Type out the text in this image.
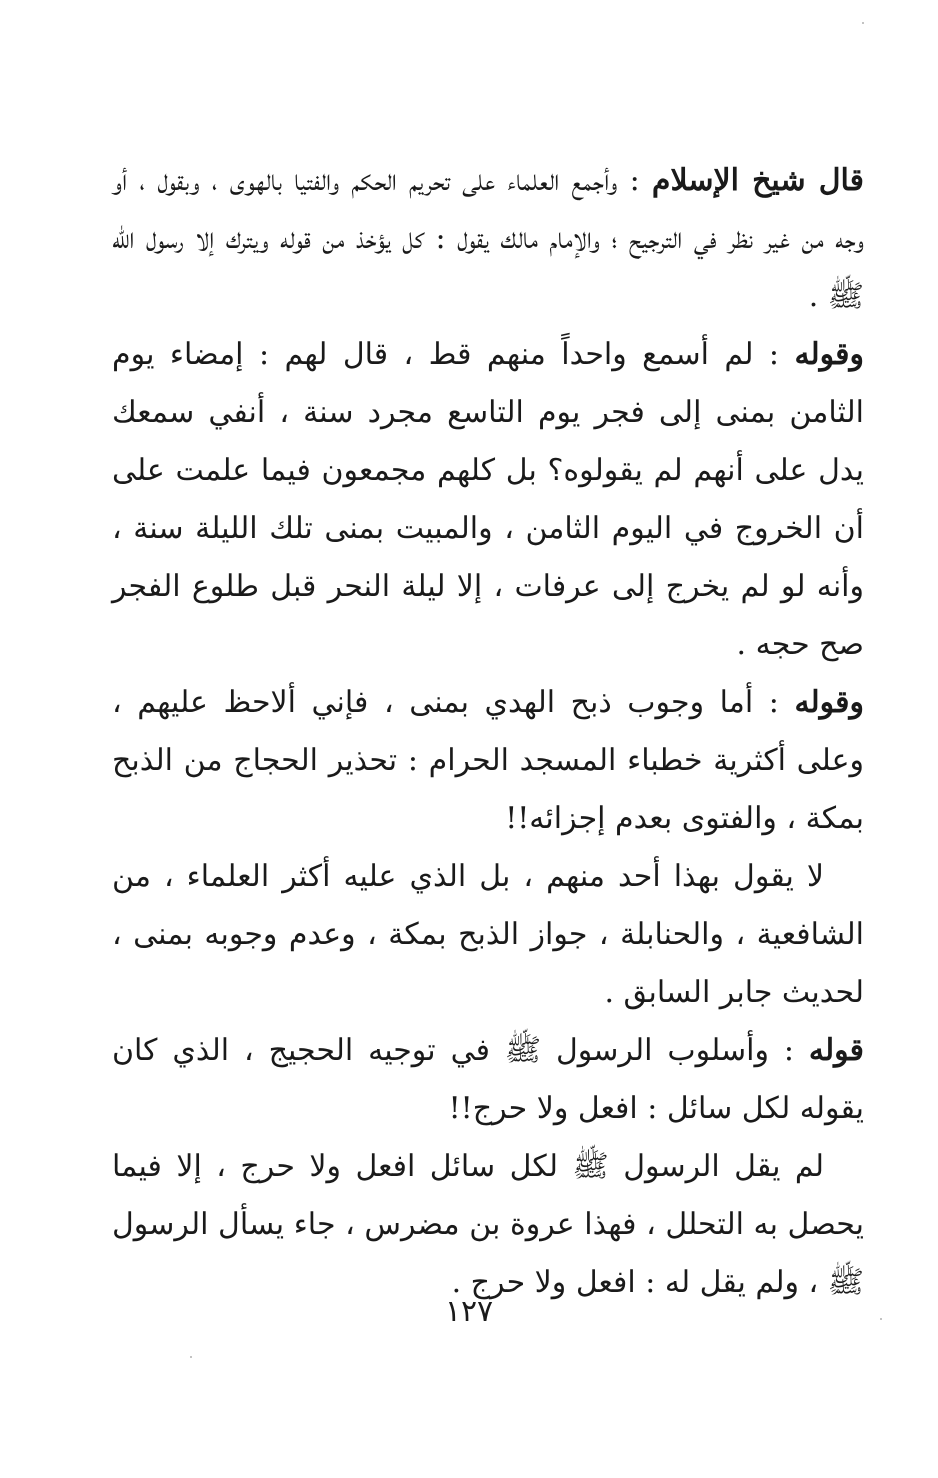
قال شيخ الإسلام : وأجمع العلماء على تحريم الحكم والفتيا بالهوى ، وبقول ، أو وجه من غير نظر في الترجيح ؛ والإمام مالك يقول : كل يؤخذ من قوله ويترك إلا رسول الله ﷺ .

وقوله : لم أسمع واحداً منهم قط ، قال لهم : إمضاء يوم الثامن بمنى إلى فجر يوم التاسع مجرد سنة ، أنفي سمعك يدل على أنهم لم يقولوه؟ بل كلهم مجمعون فيما علمت على أن الخروج في اليوم الثامن ، والمبيت بمنى تلك الليلة سنة ، وأنه لو لم يخرج إلى عرفات ، إلا ليلة النحر قبل طلوع الفجر صح حجه .

وقوله : أما وجوب ذبح الهدي بمنى ، فإني ألاحظ عليهم ، وعلى أكثرية خطباء المسجد الحرام : تحذير الحجاج من الذبح بمكة ، والفتوى بعدم إجزائه!!

لا يقول بهذا أحد منهم ، بل الذي عليه أكثر العلماء ، من الشافعية ، والحنابلة ، جواز الذبح بمكة ، وعدم وجوبه بمنى ، لحديث جابر السابق .

قوله : وأسلوب الرسول ﷺ في توجيه الحجيج ، الذي كان يقوله لكل سائل : افعل ولا حرج!!

لم يقل الرسول ﷺ لكل سائل افعل ولا حرج ، إلا فيما يحصل به التحلل ، فهذا عروة بن مضرس ، جاء يسأل الرسول ﷺ ، ولم يقل له : افعل ولا حرج .

١٢٧
